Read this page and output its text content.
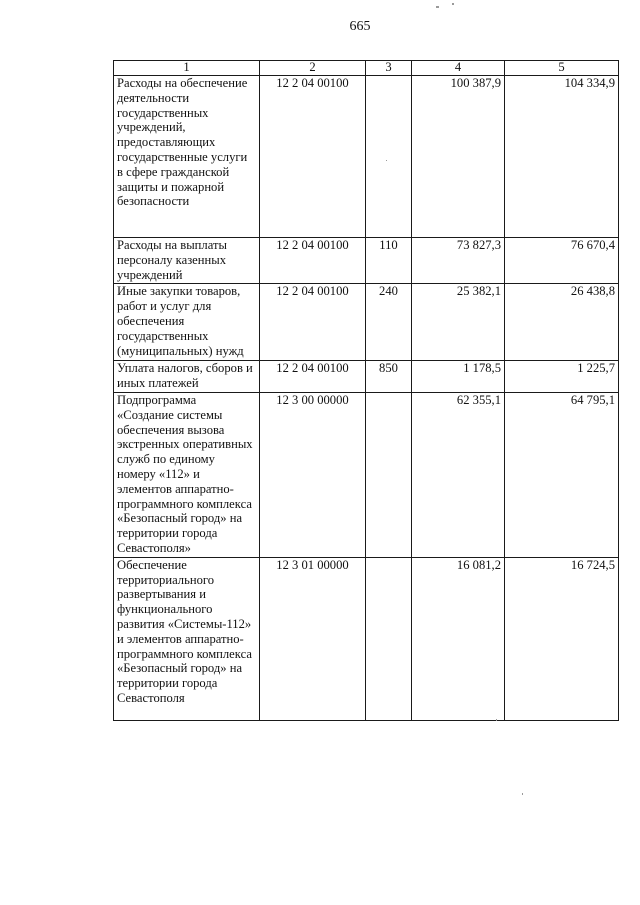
665
1	2	3	4	5
Расходы на обеспечение деятельности государственных учреждений, предоставляющих государственные услуги в сфере гражданской защиты и пожарной безопасности	12 2 04 00100		100 387,9	104 334,9
Расходы на выплаты персоналу казенных учреждений	12 2 04 00100	110	73 827,3	76 670,4
Иные закупки товаров, работ и услуг для обеспечения государственных (муниципальных) нужд	12 2 04 00100	240	25 382,1	26 438,8
Уплата налогов, сборов и иных платежей	12 2 04 00100	850	1 178,5	1 225,7
Подпрограмма «Создание системы обеспечения вызова экстренных оперативных служб по единому номеру «112» и элементов аппаратно-программного комплекса «Безопасный город» на территории города Севастополя»	12 3 00 00000		62 355,1	64 795,1
Обеспечение территориального развертывания и функционального развития «Системы-112» и элементов аппаратно-программного комплекса «Безопасный город» на территории города Севастополя	12 3 01 00000		16 081,2	16 724,5
